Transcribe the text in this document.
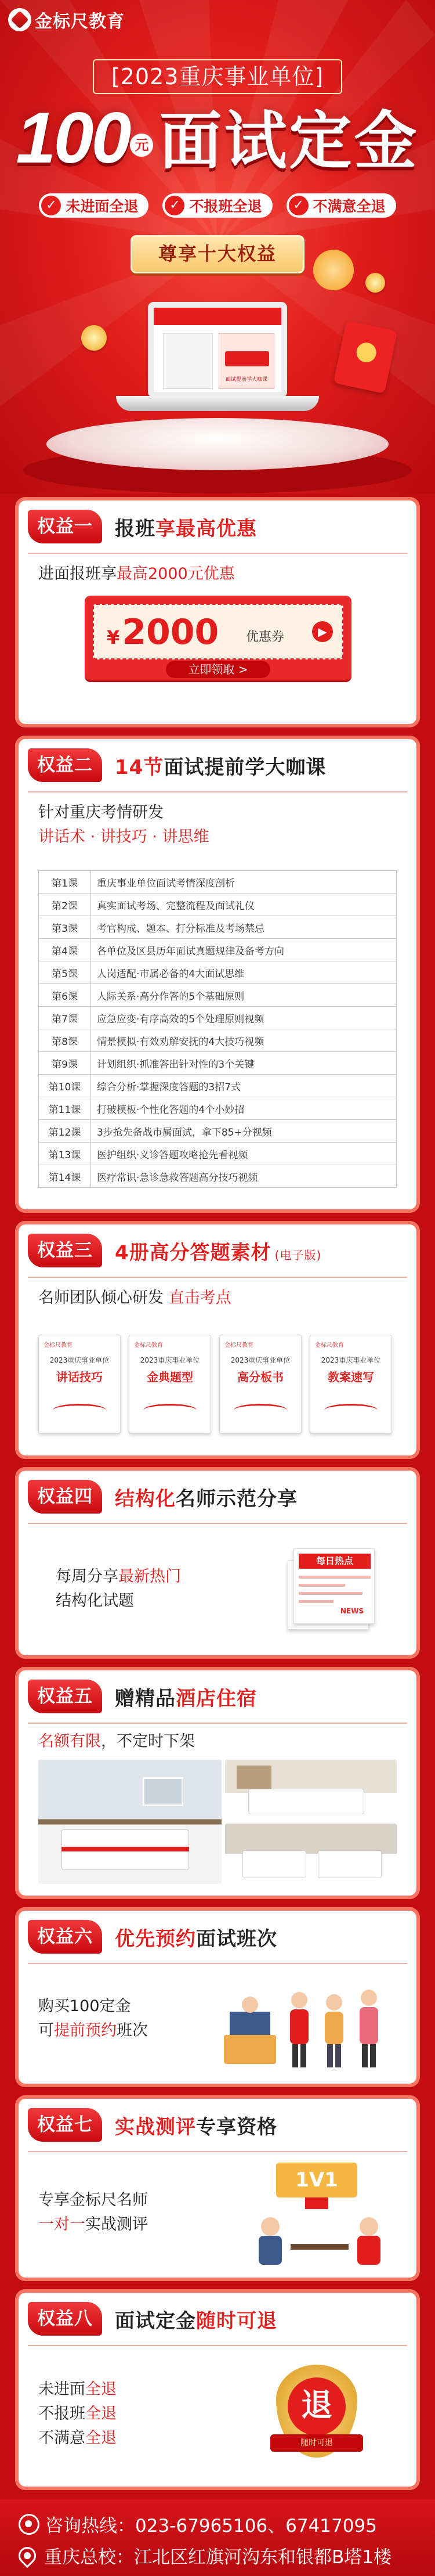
金标尺教育
[2023重庆事业单位]
100 元 面试定金
✓ 未进面全退	✓ 不报班全退	✓ 不满意全退
尊享十大权益
面试提前学大咖课
权益一	报班享最高优惠
进面报班享最高2000元优惠
¥2000 优惠券	▶
立即领取 >
权益二	14节面试提前学大咖课
针对重庆考情研发
讲话术 · 讲技巧 · 讲思维
第1课	重庆事业单位面试考情深度剖析
第2课	真实面试考场、完整流程及面试礼仪
第3课	考官构成、题本、打分标准及考场禁忌
第4课	各单位及区县历年面试真题规律及备考方向
第5课	人岗适配·市属必备的4大面试思维
第6课	人际关系·高分作答的5个基础原则
第7课	应急应变·有序高效的5个处理原则视频
第8课	情景模拟·有效劝解安抚的4大技巧视频
第9课	计划组织·抓准答出针对性的3个关键
第10课	综合分析·掌握深度答题的3招7式
第11课	打破模板·个性化答题的4个小妙招
第12课	3步抢先备战市属面试，拿下85+分视频
第13课	医护组织·义诊答题攻略抢先看视频
第14课	医疗常识·急诊急救答题高分技巧视频
权益三	4册高分答题素材 (电子版)
名师团队倾心研发 直击考点
金标尺教育
2023重庆事业单位
讲话技巧
金标尺教育
2023重庆事业单位
金典题型
金标尺教育
2023重庆事业单位
高分板书
金标尺教育
2023重庆事业单位
教案速写
权益四	结构化名师示范分享
每周分享最新热门
结构化试题
每日热点
NEWS
权益五	赠精品酒店住宿
名额有限，不定时下架
权益六	优先预约面试班次
购买100定金
可提前预约班次
权益七	实战测评专享资格
专享金标尺名师
一对一实战测评
1V1
权益八	面试定金随时可退
未进面全退
不报班全退
不满意全退
退
随时可退
咨询热线： 023-67965106、67417095
重庆总校： 江北区红旗河沟东和银都B塔1楼
